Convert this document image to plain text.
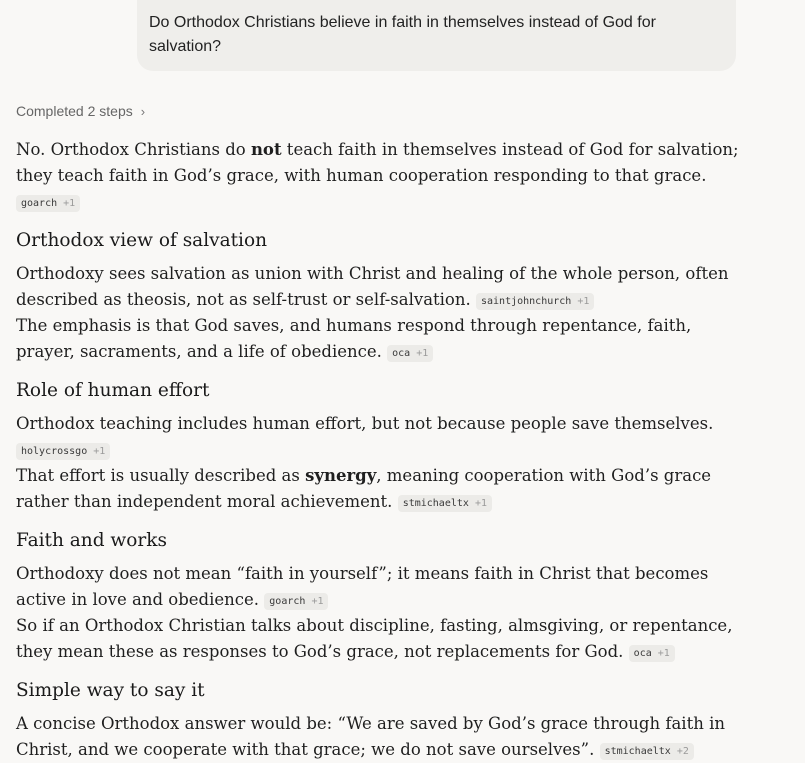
Do Orthodox Christians believe in faith in themselves instead of God for salvation?
Completed 2 steps ›

No. Orthodox Christians do not teach faith in themselves instead of God for salvation; they teach faith in God’s grace, with human cooperation responding to that grace. goarch +1

Orthodox view of salvation

Orthodoxy sees salvation as union with Christ and healing of the whole person, often described as theosis, not as self-trust or self-salvation. saintjohnchurch +1

The emphasis is that God saves, and humans respond through repentance, faith, prayer, sacraments, and a life of obedience. oca +1

Role of human effort

Orthodox teaching includes human effort, but not because people save themselves. holycrossgo +1

That effort is usually described as synergy, meaning cooperation with God’s grace rather than independent moral achievement. stmichaeltx +1

Faith and works

Orthodoxy does not mean “faith in yourself”; it means faith in Christ that becomes active in love and obedience. goarch +1

So if an Orthodox Christian talks about discipline, fasting, almsgiving, or repentance, they mean these as responses to God’s grace, not replacements for God. oca +1

Simple way to say it

A concise Orthodox answer would be: “We are saved by God’s grace through faith in Christ, and we cooperate with that grace; we do not save ourselves”. stmichaeltx +2
